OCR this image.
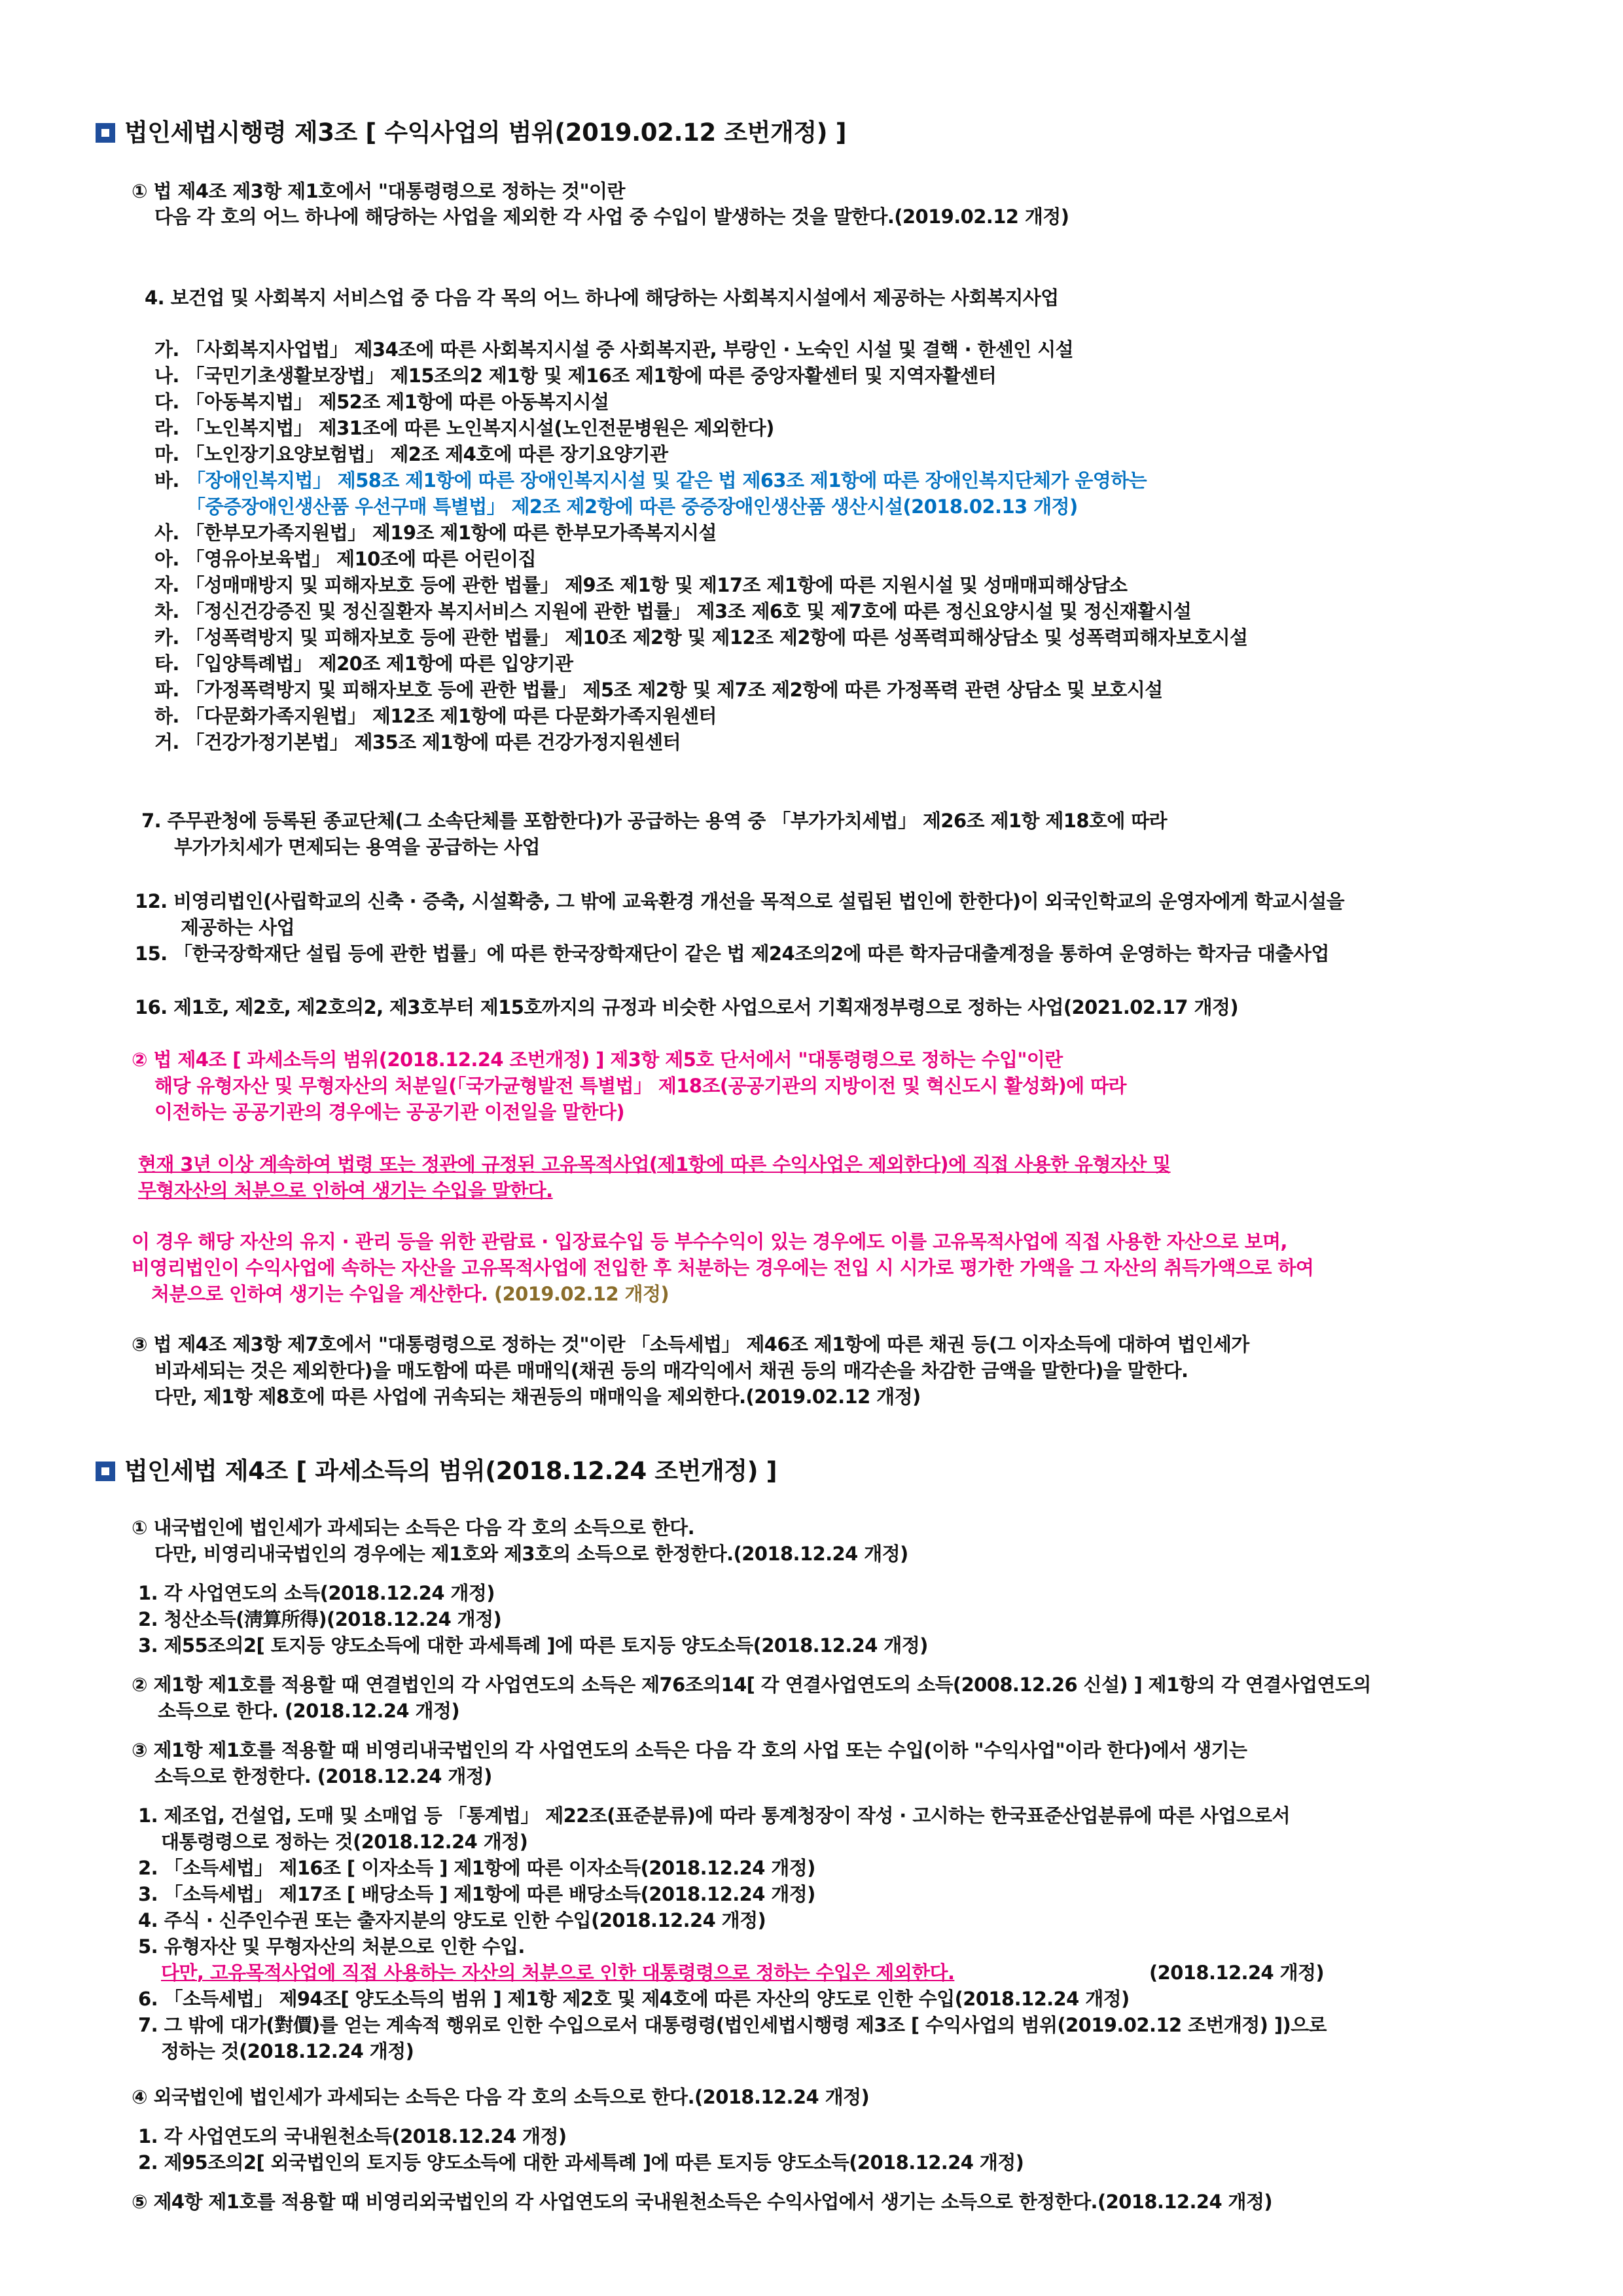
법인세법시행령 제3조 [ 수익사업의 범위(2019.02.12 조번개정) ]
① 법 제4조 제3항 제1호에서 "대통령령으로 정하는 것"이란
다음 각 호의 어느 하나에 해당하는 사업을 제외한 각 사업 중 수입이 발생하는 것을 말한다.(2019.02.12 개정)
4. 보건업 및 사회복지 서비스업 중 다음 각 목의 어느 하나에 해당하는 사회복지시설에서 제공하는 사회복지사업
가. 「사회복지사업법」 제34조에 따른 사회복지시설 중 사회복지관, 부랑인 · 노숙인 시설 및 결핵 · 한센인 시설
나. 「국민기초생활보장법」 제15조의2 제1항 및 제16조 제1항에 따른 중앙자활센터 및 지역자활센터
다. 「아동복지법」 제52조 제1항에 따른 아동복지시설
라. 「노인복지법」 제31조에 따른 노인복지시설(노인전문병원은 제외한다)
마. 「노인장기요양보험법」 제2조 제4호에 따른 장기요양기관
바. 「장애인복지법」 제58조 제1항에 따른 장애인복지시설 및 같은 법 제63조 제1항에 따른 장애인복지단체가 운영하는
「중증장애인생산품 우선구매 특별법」 제2조 제2항에 따른 중증장애인생산품 생산시설(2018.02.13 개정)
사. 「한부모가족지원법」 제19조 제1항에 따른 한부모가족복지시설
아. 「영유아보육법」 제10조에 따른 어린이집
자. 「성매매방지 및 피해자보호 등에 관한 법률」 제9조 제1항 및 제17조 제1항에 따른 지원시설 및 성매매피해상담소
차. 「정신건강증진 및 정신질환자 복지서비스 지원에 관한 법률」 제3조 제6호 및 제7호에 따른 정신요양시설 및 정신재활시설
카. 「성폭력방지 및 피해자보호 등에 관한 법률」 제10조 제2항 및 제12조 제2항에 따른 성폭력피해상담소 및 성폭력피해자보호시설
타. 「입양특례법」 제20조 제1항에 따른 입양기관
파. 「가정폭력방지 및 피해자보호 등에 관한 법률」 제5조 제2항 및 제7조 제2항에 따른 가정폭력 관련 상담소 및 보호시설
하. 「다문화가족지원법」 제12조 제1항에 따른 다문화가족지원센터
거. 「건강가정기본법」 제35조 제1항에 따른 건강가정지원센터
7. 주무관청에 등록된 종교단체(그 소속단체를 포함한다)가 공급하는 용역 중 「부가가치세법」 제26조 제1항 제18호에 따라
부가가치세가 면제되는 용역을 공급하는 사업
12. 비영리법인(사립학교의 신축 · 증축, 시설확충, 그 밖에 교육환경 개선을 목적으로 설립된 법인에 한한다)이 외국인학교의 운영자에게 학교시설을
제공하는 사업
15. 「한국장학재단 설립 등에 관한 법률」에 따른 한국장학재단이 같은 법 제24조의2에 따른 학자금대출계정을 통하여 운영하는 학자금 대출사업
16. 제1호, 제2호, 제2호의2, 제3호부터 제15호까지의 규정과 비슷한 사업으로서 기획재정부령으로 정하는 사업(2021.02.17 개정)
② 법 제4조 [ 과세소득의 범위(2018.12.24 조번개정) ] 제3항 제5호 단서에서 "대통령령으로 정하는 수입"이란
해당 유형자산 및 무형자산의 처분일(「국가균형발전 특별법」 제18조(공공기관의 지방이전 및 혁신도시 활성화)에 따라
이전하는 공공기관의 경우에는 공공기관 이전일을 말한다)
현재 3년 이상 계속하여 법령 또는 정관에 규정된 고유목적사업(제1항에 따른 수익사업은 제외한다)에 직접 사용한 유형자산 및
무형자산의 처분으로 인하여 생기는 수입을 말한다.
이 경우 해당 자산의 유지 · 관리 등을 위한 관람료 · 입장료수입 등 부수수익이 있는 경우에도 이를 고유목적사업에 직접 사용한 자산으로 보며,
비영리법인이 수익사업에 속하는 자산을 고유목적사업에 전입한 후 처분하는 경우에는 전입 시 시가로 평가한 가액을 그 자산의 취득가액으로 하여
처분으로 인하여 생기는 수입을 계산한다. (2019.02.12 개정)
③ 법 제4조 제3항 제7호에서 "대통령령으로 정하는 것"이란 「소득세법」 제46조 제1항에 따른 채권 등(그 이자소득에 대하여 법인세가
비과세되는 것은 제외한다)을 매도함에 따른 매매익(채권 등의 매각익에서 채권 등의 매각손을 차감한 금액을 말한다)을 말한다.
다만, 제1항 제8호에 따른 사업에 귀속되는 채권등의 매매익을 제외한다.(2019.02.12 개정)
법인세법 제4조 [ 과세소득의 범위(2018.12.24 조번개정) ]
① 내국법인에 법인세가 과세되는 소득은 다음 각 호의 소득으로 한다.
다만, 비영리내국법인의 경우에는 제1호와 제3호의 소득으로 한정한다.(2018.12.24 개정)
1. 각 사업연도의 소득(2018.12.24 개정)
2. 청산소득(淸算所得)(2018.12.24 개정)
3. 제55조의2[ 토지등 양도소득에 대한 과세특례 ]에 따른 토지등 양도소득(2018.12.24 개정)
② 제1항 제1호를 적용할 때 연결법인의 각 사업연도의 소득은 제76조의14[ 각 연결사업연도의 소득(2008.12.26 신설) ] 제1항의 각 연결사업연도의
소득으로 한다. (2018.12.24 개정)
③ 제1항 제1호를 적용할 때 비영리내국법인의 각 사업연도의 소득은 다음 각 호의 사업 또는 수입(이하 "수익사업"이라 한다)에서 생기는
소득으로 한정한다. (2018.12.24 개정)
1. 제조업, 건설업, 도매 및 소매업 등 「통계법」 제22조(표준분류)에 따라 통계청장이 작성 · 고시하는 한국표준산업분류에 따른 사업으로서
대통령령으로 정하는 것(2018.12.24 개정)
2. 「소득세법」 제16조 [ 이자소득 ] 제1항에 따른 이자소득(2018.12.24 개정)
3. 「소득세법」 제17조 [ 배당소득 ] 제1항에 따른 배당소득(2018.12.24 개정)
4. 주식 · 신주인수권 또는 출자지분의 양도로 인한 수입(2018.12.24 개정)
5. 유형자산 및 무형자산의 처분으로 인한 수입.
다만, 고유목적사업에 직접 사용하는 자산의 처분으로 인한 대통령령으로 정하는 수입은 제외한다.	(2018.12.24 개정)
6. 「소득세법」 제94조[ 양도소득의 범위 ] 제1항 제2호 및 제4호에 따른 자산의 양도로 인한 수입(2018.12.24 개정)
7. 그 밖에 대가(對價)를 얻는 계속적 행위로 인한 수입으로서 대통령령(법인세법시행령 제3조 [ 수익사업의 범위(2019.02.12 조번개정) ])으로
정하는 것(2018.12.24 개정)
④ 외국법인에 법인세가 과세되는 소득은 다음 각 호의 소득으로 한다.(2018.12.24 개정)
1. 각 사업연도의 국내원천소득(2018.12.24 개정)
2. 제95조의2[ 외국법인의 토지등 양도소득에 대한 과세특례 ]에 따른 토지등 양도소득(2018.12.24 개정)
⑤ 제4항 제1호를 적용할 때 비영리외국법인의 각 사업연도의 국내원천소득은 수익사업에서 생기는 소득으로 한정한다.(2018.12.24 개정)
